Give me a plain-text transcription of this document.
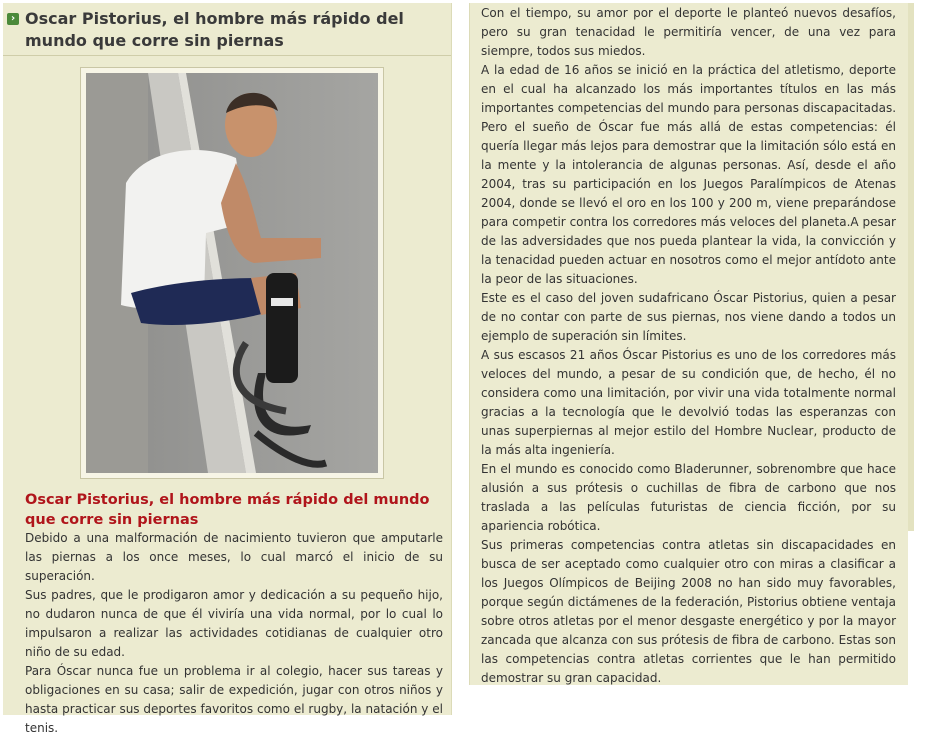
› Oscar Pistorius, el hombre más rápido del mundo que corre sin piernas
Oscar Pistorius, el hombre más rápido del mundo que corre sin piernas

Debido a una malformación de nacimiento tuvieron que amputarle las piernas a los once meses, lo cual marcó el inicio de su superación.

Sus padres, que le prodigaron amor y dedicación a su pequeño hijo, no dudaron nunca de que él viviría una vida normal, por lo cual lo impulsaron a realizar las actividades cotidianas de cualquier otro niño de su edad.

Para Óscar nunca fue un problema ir al colegio, hacer sus tareas y obligaciones en su casa; salir de expedición, jugar con otros niños y hasta practicar sus deportes favoritos como el rugby, la natación y el tenis.

Con el tiempo, su amor por el deporte le planteó nuevos desafíos, pero su gran tenacidad le permitiría vencer, de una vez para siempre, todos sus miedos.

A la edad de 16 años se inició en la práctica del atletismo, deporte en el cual ha alcanzado los más importantes títulos en las más importantes competencias del mundo para personas discapacitadas.

Pero el sueño de Óscar fue más allá de estas competencias: él quería llegar más lejos para demostrar que la limitación sólo está en la mente y la intolerancia de algunas personas. Así, desde el año 2004, tras su participación en los Juegos Paralímpicos de Atenas 2004, donde se llevó el oro en los 100 y 200 m, viene preparándose para competir contra los corredores más veloces del planeta.A pesar de las adversidades que nos pueda plantear la vida, la convicción y la tenacidad pueden actuar en nosotros como el mejor antídoto ante la peor de las situaciones.

Este es el caso del joven sudafricano Óscar Pistorius, quien a pesar de no contar con parte de sus piernas, nos viene dando a todos un ejemplo de superación sin límites.

A sus escasos 21 años Óscar Pistorius es uno de los corredores más veloces del mundo, a pesar de su condición que, de hecho, él no considera como una limitación, por vivir una vida totalmente normal gracias a la tecnología que le devolvió todas las esperanzas con unas superpiernas al mejor estilo del Hombre Nuclear, producto de la más alta ingeniería.

En el mundo es conocido como Bladerunner, sobrenombre que hace alusión a sus prótesis o cuchillas de fibra de carbono que nos traslada a las películas futuristas de ciencia ficción, por su apariencia robótica.

Sus primeras competencias contra atletas sin discapacidades en busca de ser aceptado como cualquier otro con miras a clasificar a los Juegos Olímpicos de Beijing 2008 no han sido muy favorables, porque según dictámenes de la federación, Pistorius obtiene ventaja sobre otros atletas por el menor desgaste energético y por la mayor zancada que alcanza con sus prótesis de fibra de carbono. Estas son las competencias contra atletas corrientes que le han permitido demostrar su gran capacidad.
